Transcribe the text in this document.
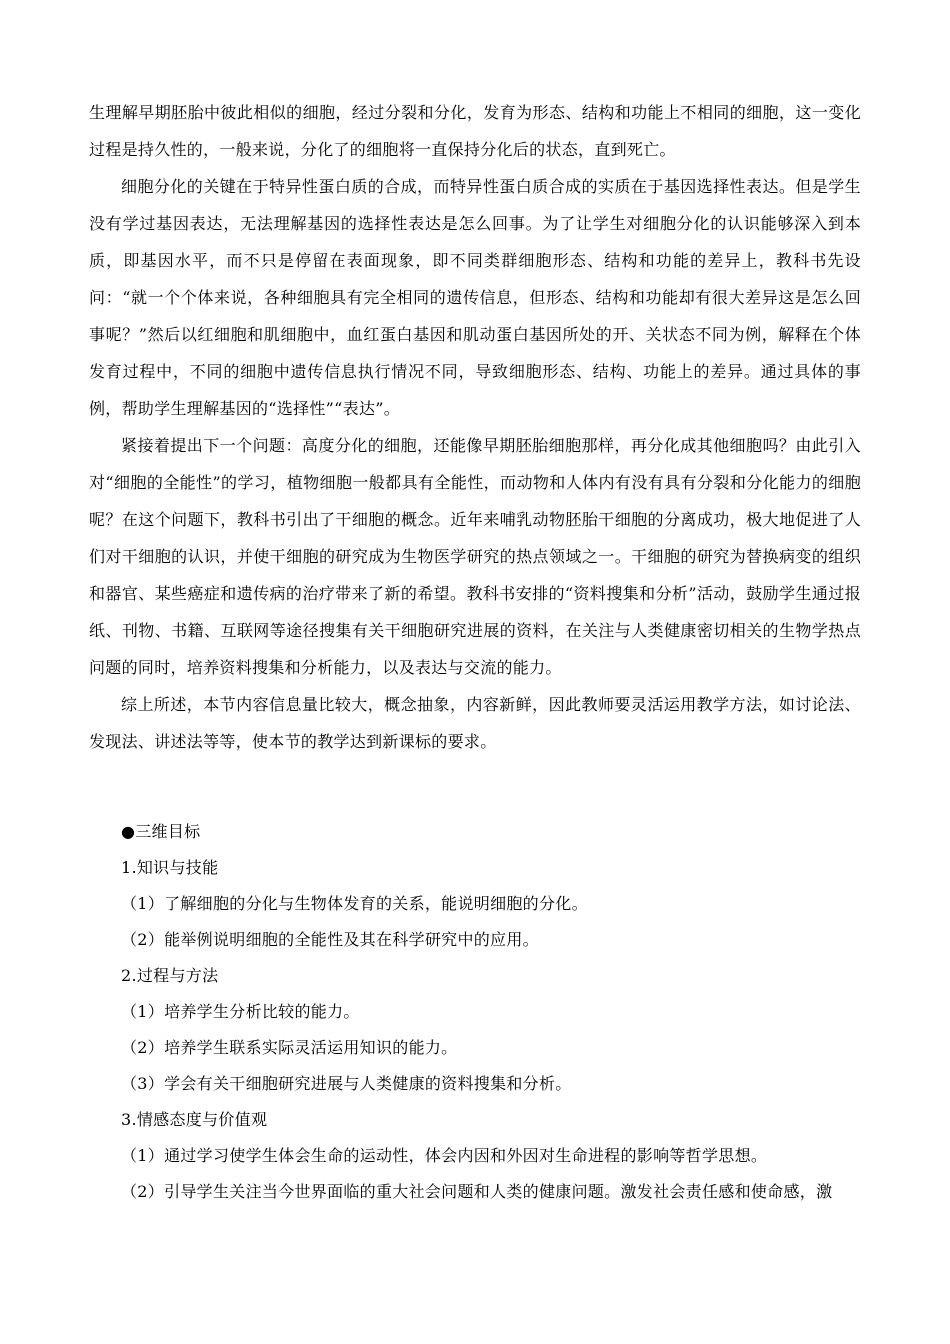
生理解早期胚胎中彼此相似的细胞，经过分裂和分化，发育为形态、结构和功能上不相同的细胞，这一变化过程是持久性的，一般来说，分化了的细胞将一直保持分化后的状态，直到死亡。

细胞分化的关键在于特异性蛋白质的合成，而特异性蛋白质合成的实质在于基因选择性表达。但是学生没有学过基因表达，无法理解基因的选择性表达是怎么回事。为了让学生对细胞分化的认识能够深入到本质，即基因水平，而不只是停留在表面现象，即不同类群细胞形态、结构和功能的差异上，教科书先设问：“就一个个体来说，各种细胞具有完全相同的遗传信息，但形态、结构和功能却有很大差异这是怎么回事呢？”然后以红细胞和肌细胞中，血红蛋白基因和肌动蛋白基因所处的开、关状态不同为例，解释在个体发育过程中，不同的细胞中遗传信息执行情况不同，导致细胞形态、结构、功能上的差异。通过具体的事例，帮助学生理解基因的“选择性”“表达”。

紧接着提出下一个问题：高度分化的细胞，还能像早期胚胎细胞那样，再分化成其他细胞吗？由此引入对“细胞的全能性”的学习，植物细胞一般都具有全能性，而动物和人体内有没有具有分裂和分化能力的细胞呢？在这个问题下，教科书引出了干细胞的概念。近年来哺乳动物胚胎干细胞的分离成功，极大地促进了人们对干细胞的认识，并使干细胞的研究成为生物医学研究的热点领域之一。干细胞的研究为替换病变的组织和器官、某些癌症和遗传病的治疗带来了新的希望。教科书安排的“资料搜集和分析”活动，鼓励学生通过报纸、刊物、书籍、互联网等途径搜集有关干细胞研究进展的资料，在关注与人类健康密切相关的生物学热点问题的同时，培养资料搜集和分析能力，以及表达与交流的能力。

综上所述，本节内容信息量比较大，概念抽象，内容新鲜，因此教师要灵活运用教学方法，如讨论法、发现法、讲述法等等，使本节的教学达到新课标的要求。

●三维目标
1.知识与技能
（1）了解细胞的分化与生物体发育的关系，能说明细胞的分化。
（2）能举例说明细胞的全能性及其在科学研究中的应用。
2.过程与方法
（1）培养学生分析比较的能力。
（2）培养学生联系实际灵活运用知识的能力。
（3）学会有关干细胞研究进展与人类健康的资料搜集和分析。
3.情感态度与价值观
（1）通过学习使学生体会生命的运动性，体会内因和外因对生命进程的影响等哲学思想。
（2）引导学生关注当今世界面临的重大社会问题和人类的健康问题。激发社会责任感和使命感，激
